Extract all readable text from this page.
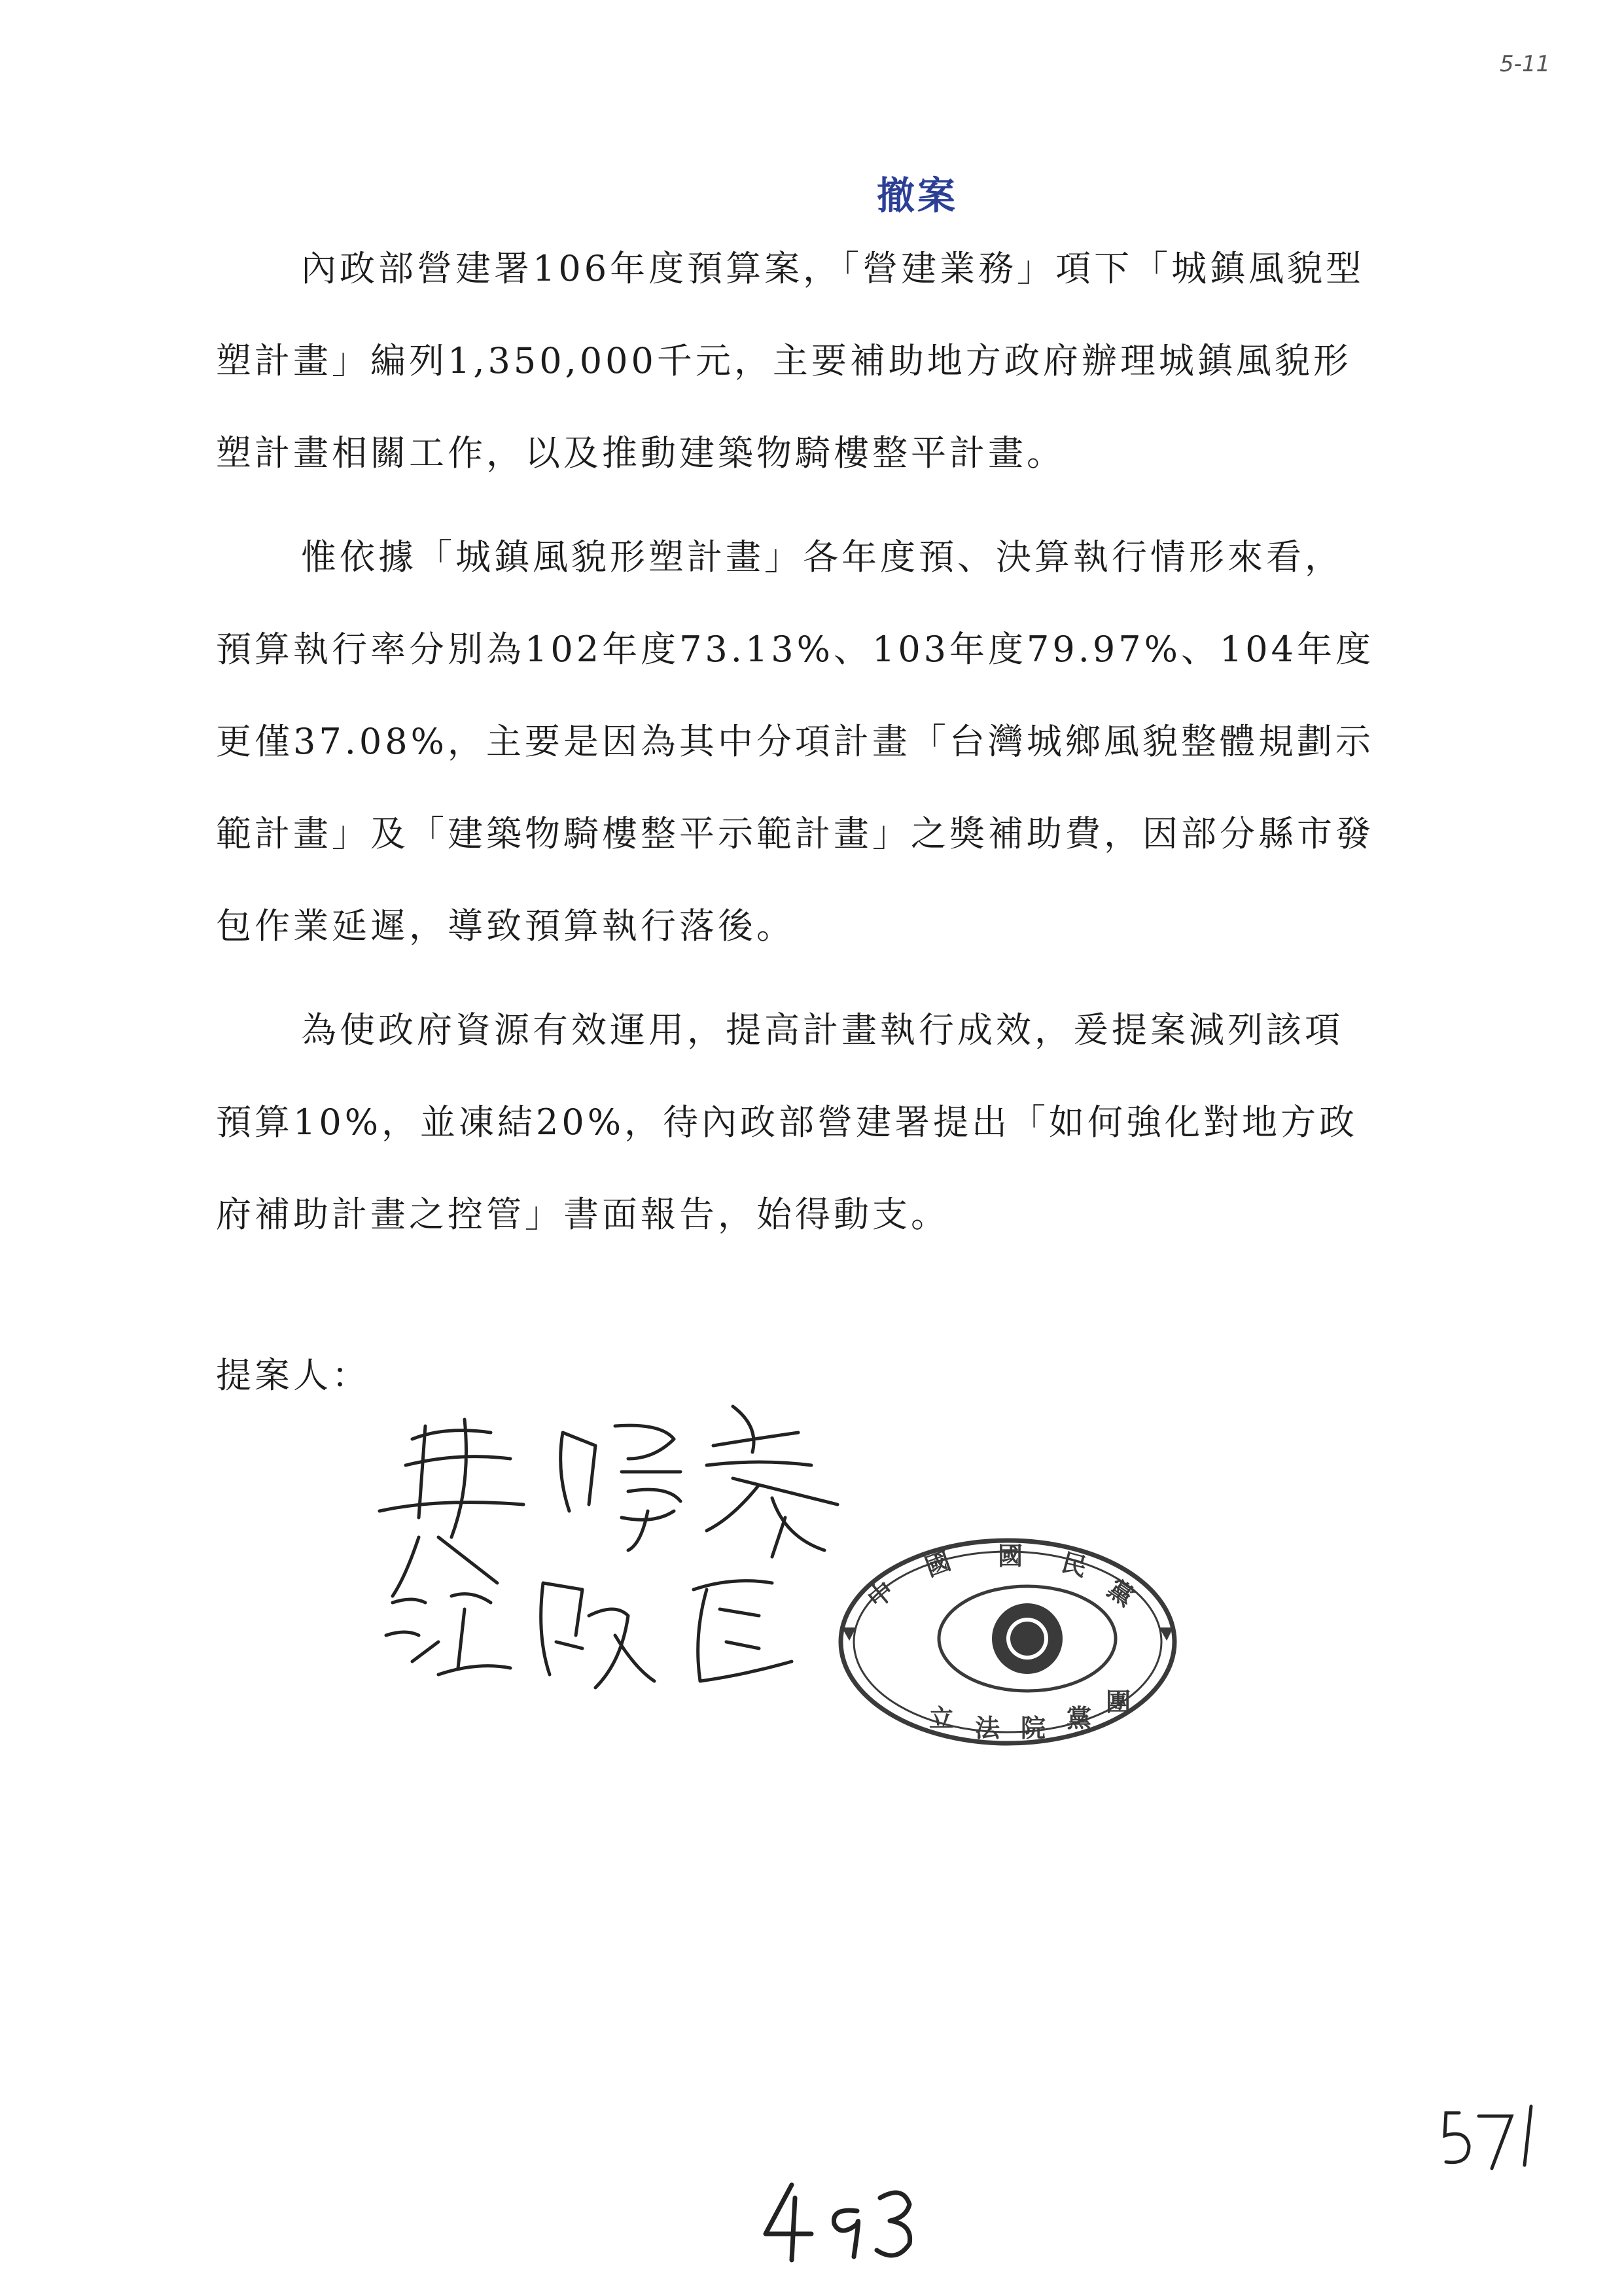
5-11
撤案

內政部營建署106年度預算案，「營建業務」項下「城鎮風貌型塑計畫」編列1,350,000千元，主要補助地方政府辦理城鎮風貌形塑計畫相關工作，以及推動建築物騎樓整平計畫。

惟依據「城鎮風貌形塑計畫」各年度預、決算執行情形來看，預算執行率分別為102年度73.13%、103年度79.97%、104年度更僅37.08%，主要是因為其中分項計畫「台灣城鄉風貌整體規劃示範計畫」及「建築物騎樓整平示範計畫」之獎補助費，因部分縣市發包作業延遲，導致預算執行落後。

為使政府資源有效運用，提高計畫執行成效，爰提案減列該項預算10%，並凍結20%，待內政部營建署提出「如何強化對地方政府補助計畫之控管」書面報告，始得動支。

提案人：
中
國 國 民
黨
立 法 院 黨
團
